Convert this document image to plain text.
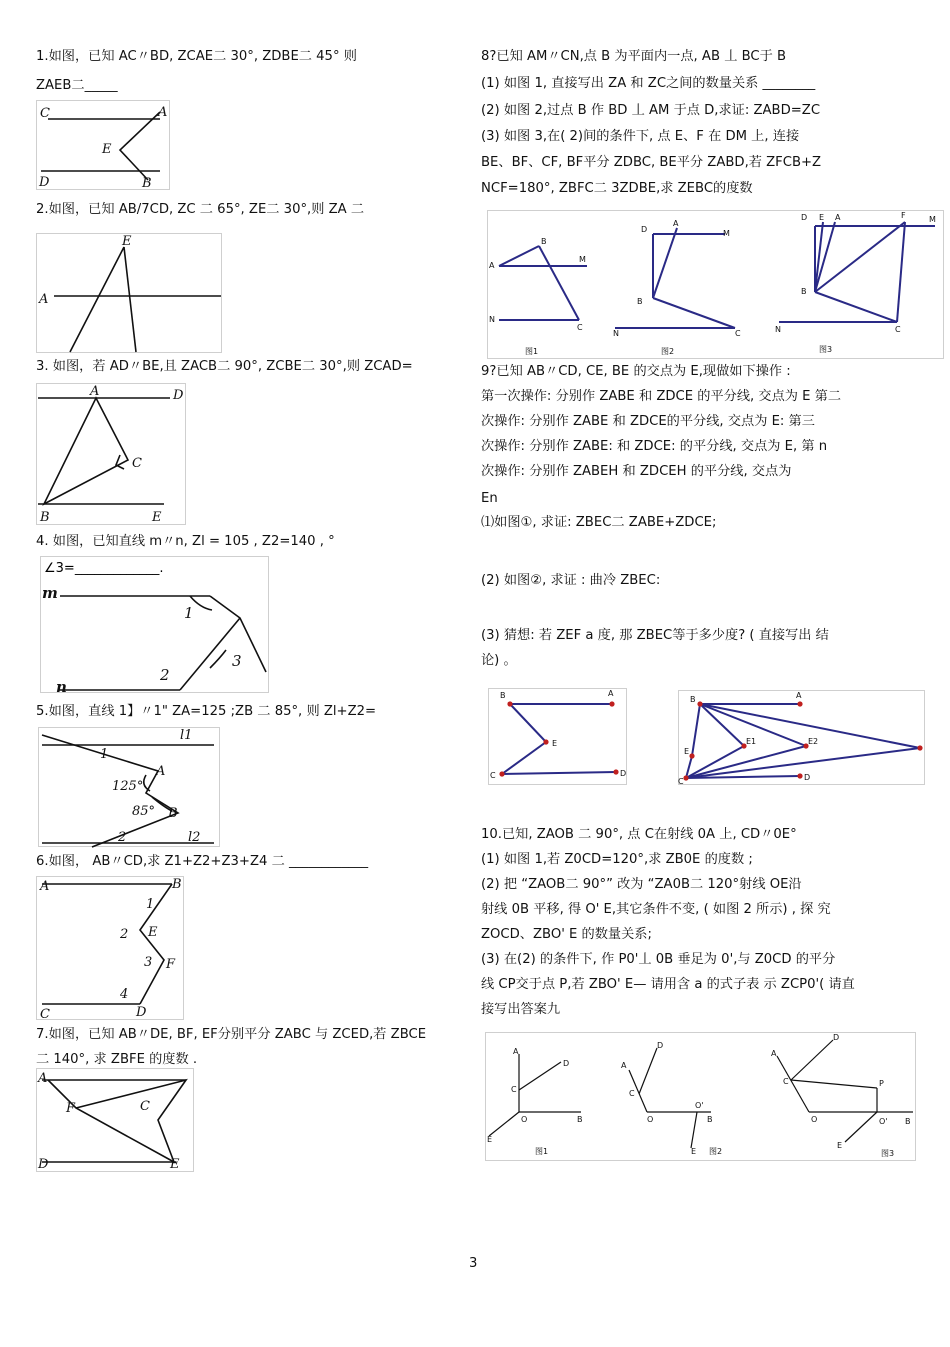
1.如图，已知 AC〃BD, ZCAE二 30°, ZDBE二 45° 则
ZAEB二_____
2.如图，已知 AB/7CD, ZC 二 65°, ZE二 30°,则 ZA 二
3. 如图，若 AD〃BE,且 ZACB二 90°, ZCBE二 30°,则 ZCAD=
4. 如图，已知直线 m〃n, Zl = 105 , Z2=140 , °
5.如图，直线 1】〃1" ZA=125 ;ZB 二 85°, 则 Zl+Z2=
6.如图， AB〃CD,求 Z1+Z2+Z3+Z4 二 ____________
7.如图，已知 AB〃DE, BF, EF分别平分 ZABC 与 ZCED,若 ZBCE
二 140°, 求 ZBFE 的度数 .
8?已知 AM〃CN,点 B 为平面内一点, AB 丄 BC于 B
(1) 如图 1, 直接写出 ZA 和 ZC之间的数量关系 ________
(2) 如图 2,过点 B 作 BD 丄 AM 于点 D,求证: ZABD=ZC
(3) 如图 3,在( 2)间的条件下, 点 E、F 在 DM 上, 连接
BE、BF、CF, BF平分 ZDBC, BE平分 ZABD,若 ZFCB+Z
NCF=180°, ZBFC二 3ZDBE,求 ZEBC的度数
9?已知 AB〃CD, CE, BE 的交点为 E,现做如下操作 :
第一次操作: 分别作 ZABE 和 ZDCE 的平分线, 交点为 E 第二
次操作: 分别作 ZABE 和 ZDCE的平分线, 交点为 E: 第三
次操作: 分别作 ZABE: 和 ZDCE: 的平分线, 交点为 E, 第 n
次操作: 分别作 ZABEH 和 ZDCEH 的平分线, 交点为
En
⑴如图①, 求证: ZBEC二 ZABE+ZDCE;
(2) 如图②, 求证 : 曲冷 ZBEC:
(3) 猜想: 若 ZEF a 度, 那 ZBEC等于多少度? ( 直接写出 结
论) 。
10.已知, ZAOB 二 90°, 点 C在射线 0A 上, CD〃0E°
(1) 如图 1,若 Z0CD=120°,求 ZB0E 的度数 ;
(2) 把 “ZAOB二 90°” 改为 “ZA0B二 120°射线 OE沿
射线 0B 平移, 得 O' E,其它条件不变, ( 如图 2 所示) , 探 究
ZOCD、ZBO' E 的数量关系;
(3) 在(2) 的条件下, 作 P0'丄 0B 垂足为 0',与 Z0CD 的平分
线 CP交于点 P,若 ZBO' E— 请用含 a 的式子表 示 ZCP0'( 请直
接写出答案九
3
C	A
E
D	B
E
A
A	D
C
B	E
∠3=_____________.
m
1
3
2
n
l1
1
A
125°
85° B
2	l2
A	B
1
2 E
3 F
4
C	D
A
F	C
D	E
A
B
M
N
C
图1
D
A
M
B
N	C
图2
D E A	F	M
B
N	C
图3
B	A
E
C	D
B	A
E
E1	E2
C	D
A
D
C
E
O	B
图1
A
D
C
O
O'
E
B
图2
A
D
C	P
O	O' B
E
图3
